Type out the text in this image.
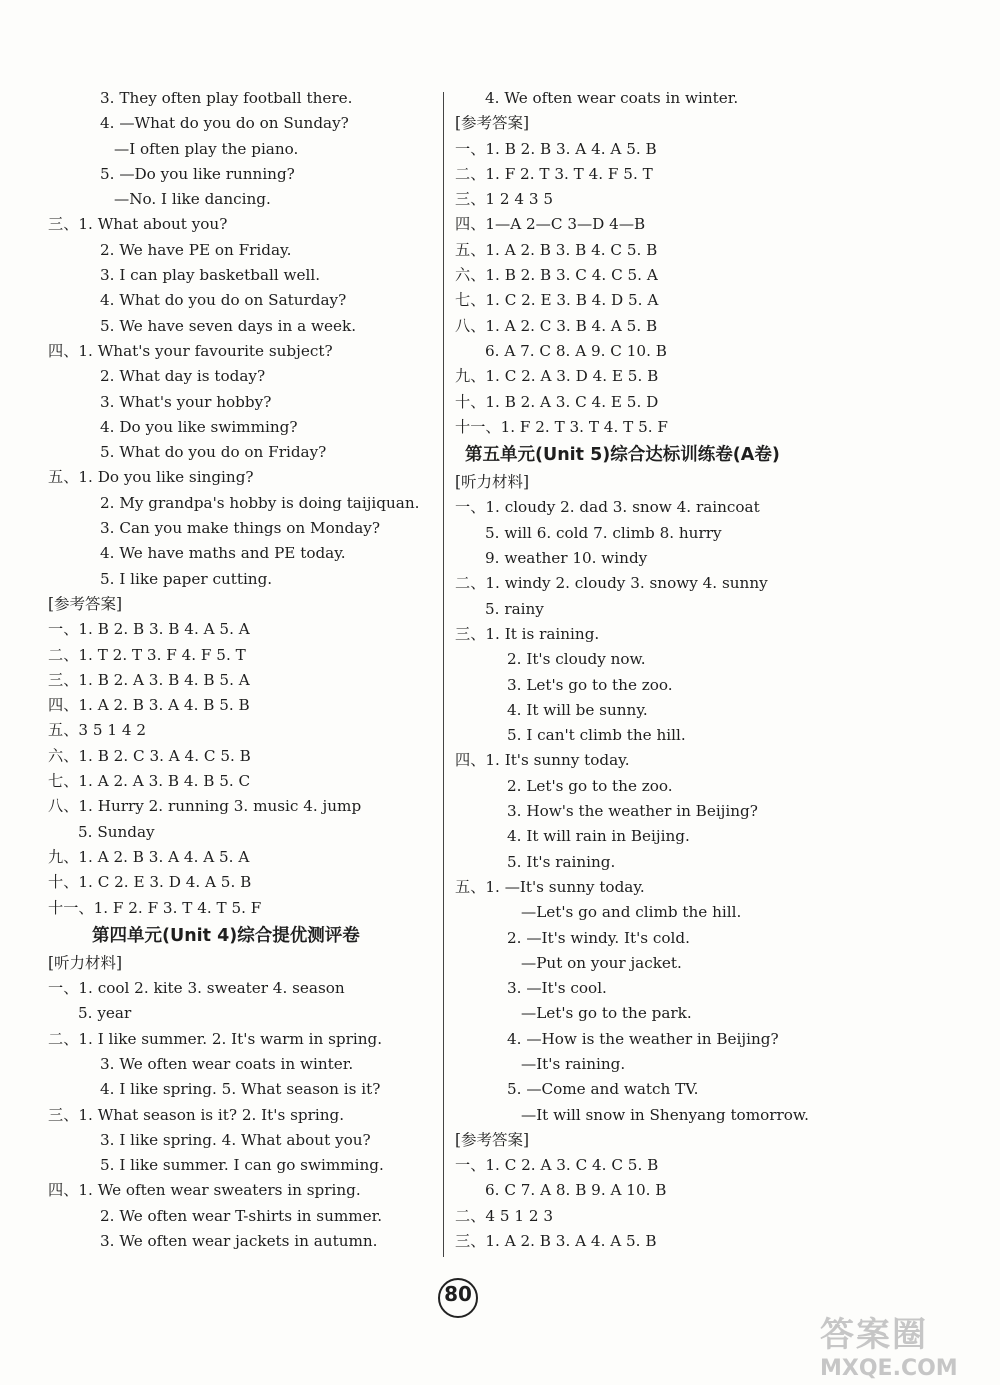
3. They often play football there.
4. —What do you do on Sunday?
—I often play the piano.
5. —Do you like running?
—No. I like dancing.
三、1. What about you?
2. We have PE on Friday.
3. I can play basketball well.
4. What do you do on Saturday?
5. We have seven days in a week.
四、1. What's your favourite subject?
2. What day is today?
3. What's your hobby?
4. Do you like swimming?
5. What do you do on Friday?
五、1. Do you like singing?
2. My grandpa's hobby is doing taijiquan.
3. Can you make things on Monday?
4. We have maths and PE today.
5. I like paper cutting.
[参考答案]
一、1. B 2. B 3. B 4. A 5. A
二、1. T 2. T 3. F 4. F 5. T
三、1. B 2. A 3. B 4. B 5. A
四、1. A 2. B 3. A 4. B 5. B
五、3 5 1 4 2
六、1. B 2. C 3. A 4. C 5. B
七、1. A 2. A 3. B 4. B 5. C
八、1. Hurry 2. running 3. music 4. jump
5. Sunday
九、1. A 2. B 3. A 4. A 5. A
十、1. C 2. E 3. D 4. A 5. B
十一、1. F 2. F 3. T 4. T 5. F
第四单元(Unit 4)综合提优测评卷
[听力材料]
一、1. cool 2. kite 3. sweater 4. season
5. year
二、1. I like summer. 2. It's warm in spring.
3. We often wear coats in winter.
4. I like spring. 5. What season is it?
三、1. What season is it? 2. It's spring.
3. I like spring. 4. What about you?
5. I like summer. I can go swimming.
四、1. We often wear sweaters in spring.
2. We often wear T-shirts in summer.
3. We often wear jackets in autumn.
4. We often wear coats in winter.
[参考答案]
一、1. B 2. B 3. A 4. A 5. B
二、1. F 2. T 3. T 4. F 5. T
三、1 2 4 3 5
四、1—A 2—C 3—D 4—B
五、1. A 2. B 3. B 4. C 5. B
六、1. B 2. B 3. C 4. C 5. A
七、1. C 2. E 3. B 4. D 5. A
八、1. A 2. C 3. B 4. A 5. B
6. A 7. C 8. A 9. C 10. B
九、1. C 2. A 3. D 4. E 5. B
十、1. B 2. A 3. C 4. E 5. D
十一、1. F 2. T 3. T 4. T 5. F
第五单元(Unit 5)综合达标训练卷(A卷)
[听力材料]
一、1. cloudy 2. dad 3. snow 4. raincoat
5. will 6. cold 7. climb 8. hurry
9. weather 10. windy
二、1. windy 2. cloudy 3. snowy 4. sunny
5. rainy
三、1. It is raining.
2. It's cloudy now.
3. Let's go to the zoo.
4. It will be sunny.
5. I can't climb the hill.
四、1. It's sunny today.
2. Let's go to the zoo.
3. How's the weather in Beijing?
4. It will rain in Beijing.
5. It's raining.
五、1. —It's sunny today.
—Let's go and climb the hill.
2. —It's windy. It's cold.
—Put on your jacket.
3. —It's cool.
—Let's go to the park.
4. —How is the weather in Beijing?
—It's raining.
5. —Come and watch TV.
—It will snow in Shenyang tomorrow.
[参考答案]
一、1. C 2. A 3. C 4. C 5. B
6. C 7. A 8. B 9. A 10. B
二、4 5 1 2 3
三、1. A 2. B 3. A 4. A 5. B
80
答案圈
MXQE.COM
